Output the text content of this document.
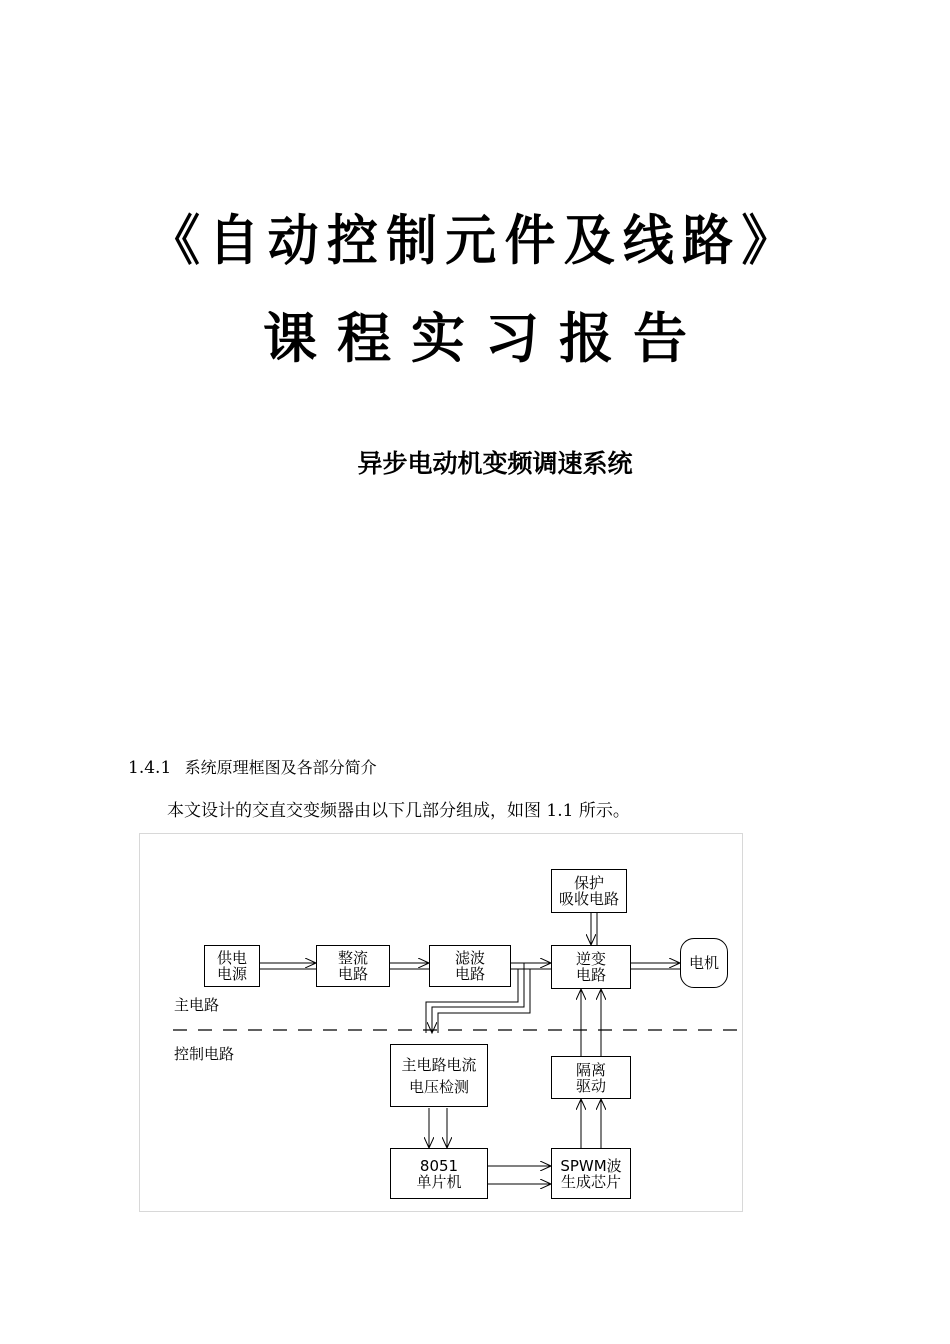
《自动控制元件及线路》
课程实习报告
异步电动机变频调速系统
1.4.1 系统原理框图及各部分简介
本文设计的交直交变频器由以下几部分组成，如图 1.1 所示。
供电
电源
整流
电路
滤波
电路
逆变
电路
电机
保护
吸收电路
主电路电流
电压检测
隔离
驱动
8051
单片机
SPWM波
生成芯片
主电路
控制电路
